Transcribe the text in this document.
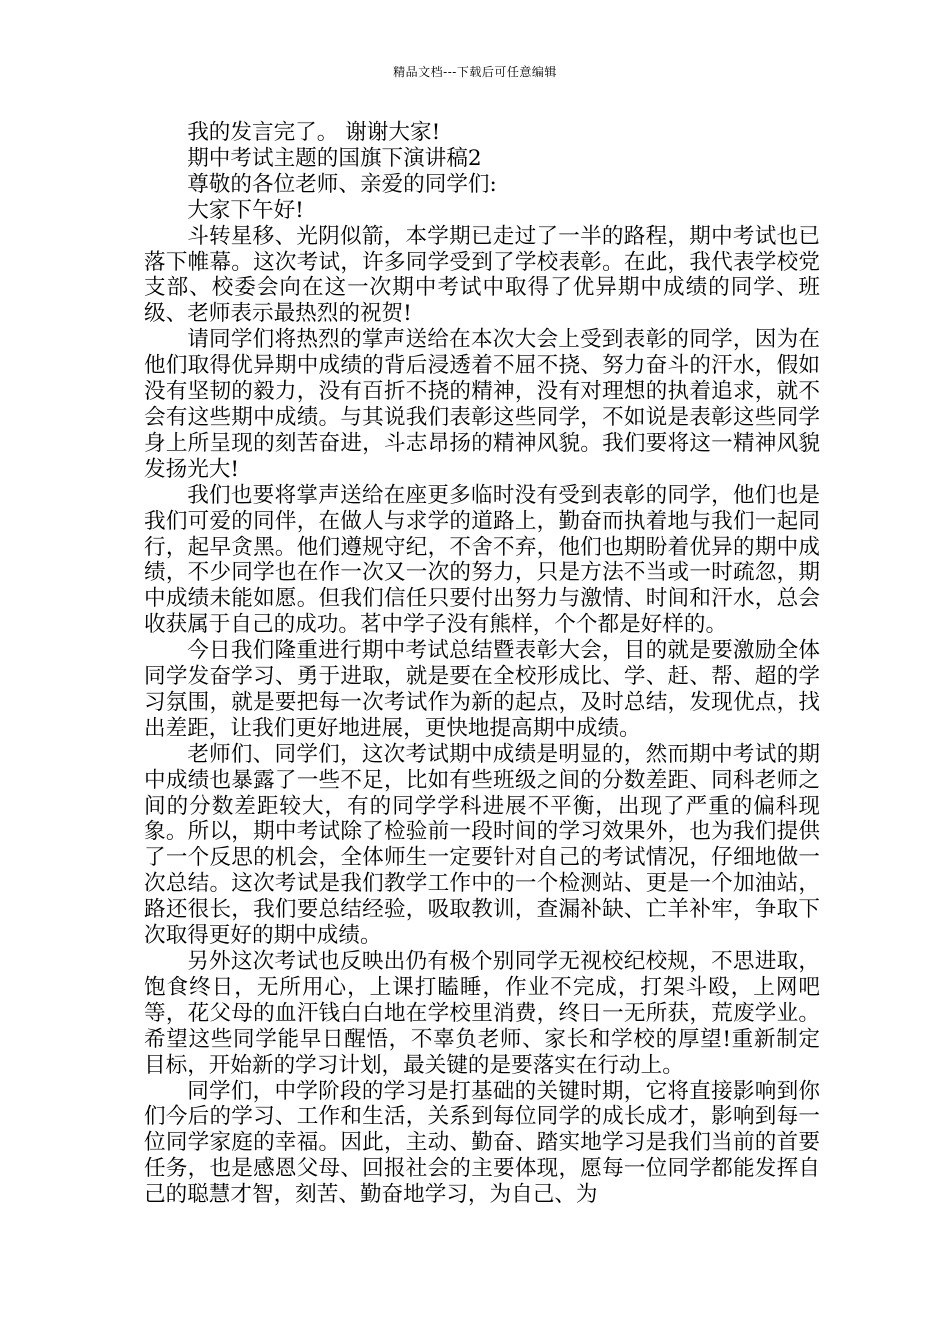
精品文档---下载后可任意编辑

我的发言完了。 谢谢大家!

期中考试主题的国旗下演讲稿2

尊敬的各位老师、亲爱的同学们:

大家下午好!

斗转星移、光阴似箭，本学期已走过了一半的路程，期中考试也已落下帷幕。这次考试，许多同学受到了学校表彰。在此，我代表学校党支部、校委会向在这一次期中考试中取得了优异期中成绩的同学、班级、老师表示最热烈的祝贺!

请同学们将热烈的掌声送给在本次大会上受到表彰的同学，因为在他们取得优异期中成绩的背后浸透着不屈不挠、努力奋斗的汗水，假如没有坚韧的毅力，没有百折不挠的精神，没有对理想的执着追求，就不会有这些期中成绩。与其说我们表彰这些同学，不如说是表彰这些同学身上所呈现的刻苦奋进，斗志昂扬的精神风貌。我们要将这一精神风貌发扬光大!

我们也要将掌声送给在座更多临时没有受到表彰的同学，他们也是我们可爱的同伴，在做人与求学的道路上，勤奋而执着地与我们一起同行，起早贪黑。他们遵规守纪，不舍不弃，他们也期盼着优异的期中成绩，不少同学也在作一次又一次的努力，只是方法不当或一时疏忽，期中成绩未能如愿。但我们信任只要付出努力与激情、时间和汗水，总会收获属于自己的成功。茗中学子没有熊样，个个都是好样的。

今日我们隆重进行期中考试总结暨表彰大会，目的就是要激励全体同学发奋学习、勇于进取，就是要在全校形成比、学、赶、帮、超的学习氛围，就是要把每一次考试作为新的起点，及时总结，发现优点，找出差距，让我们更好地进展，更快地提高期中成绩。

老师们、同学们，这次考试期中成绩是明显的，然而期中考试的期中成绩也暴露了一些不足，比如有些班级之间的分数差距、同科老师之间的分数差距较大，有的同学学科进展不平衡，出现了严重的偏科现象。所以，期中考试除了检验前一段时间的学习效果外，也为我们提供了一个反思的机会，全体师生一定要针对自己的考试情况，仔细地做一次总结。这次考试是我们教学工作中的一个检测站、更是一个加油站，路还很长，我们要总结经验，吸取教训，查漏补缺、亡羊补牢，争取下次取得更好的期中成绩。

另外这次考试也反映出仍有极个别同学无视校纪校规，不思进取，饱食终日，无所用心，上课打瞌睡，作业不完成，打架斗殴，上网吧等，花父母的血汗钱白白地在学校里消费，终日一无所获，荒废学业。希望这些同学能早日醒悟，不辜负老师、家长和学校的厚望!重新制定目标，开始新的学习计划，最关键的是要落实在行动上。

同学们，中学阶段的学习是打基础的关键时期，它将直接影响到你们今后的学习、工作和生活，关系到每位同学的成长成才，影响到每一位同学家庭的幸福。因此，主动、勤奋、踏实地学习是我们当前的首要任务，也是感恩父母、回报社会的主要体现，愿每一位同学都能发挥自己的聪慧才智，刻苦、勤奋地学习，为自己、为
